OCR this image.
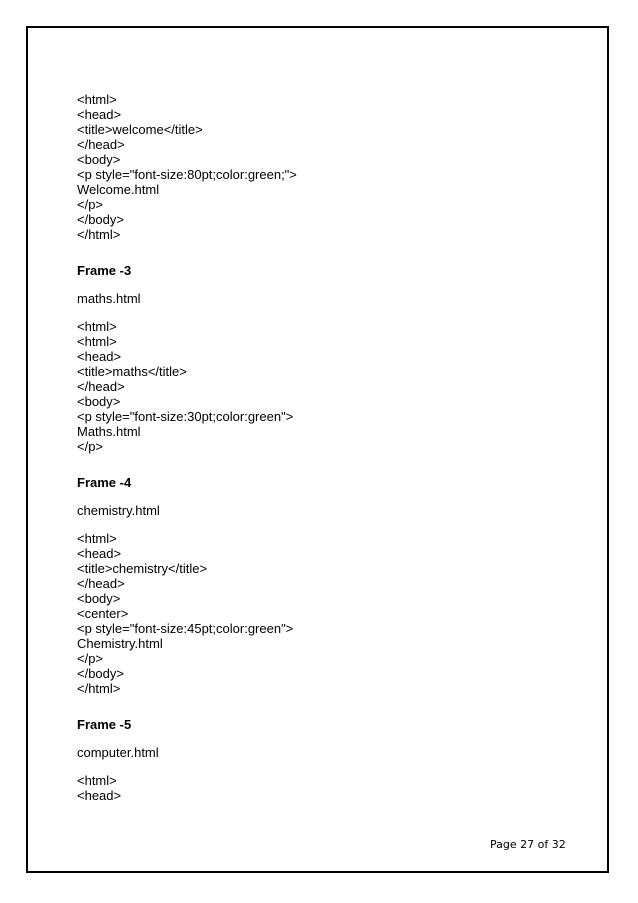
<html>
<head>
<title>welcome</title>
</head>
<body>
<p style="font-size:80pt;color:green;">
Welcome.html
</p>
</body>
</html>
Frame -3
maths.html
<html>
<html>
<head>
<title>maths</title>
</head>
<body>
<p style="font-size:30pt;color:green">
Maths.html
</p>
Frame -4
chemistry.html
<html>
<head>
<title>chemistry</title>
</head>
<body>
<center>
<p style="font-size:45pt;color:green">
Chemistry.html
</p>
</body>
</html>
Frame -5
computer.html
<html>
<head>
Page 27 of 32
